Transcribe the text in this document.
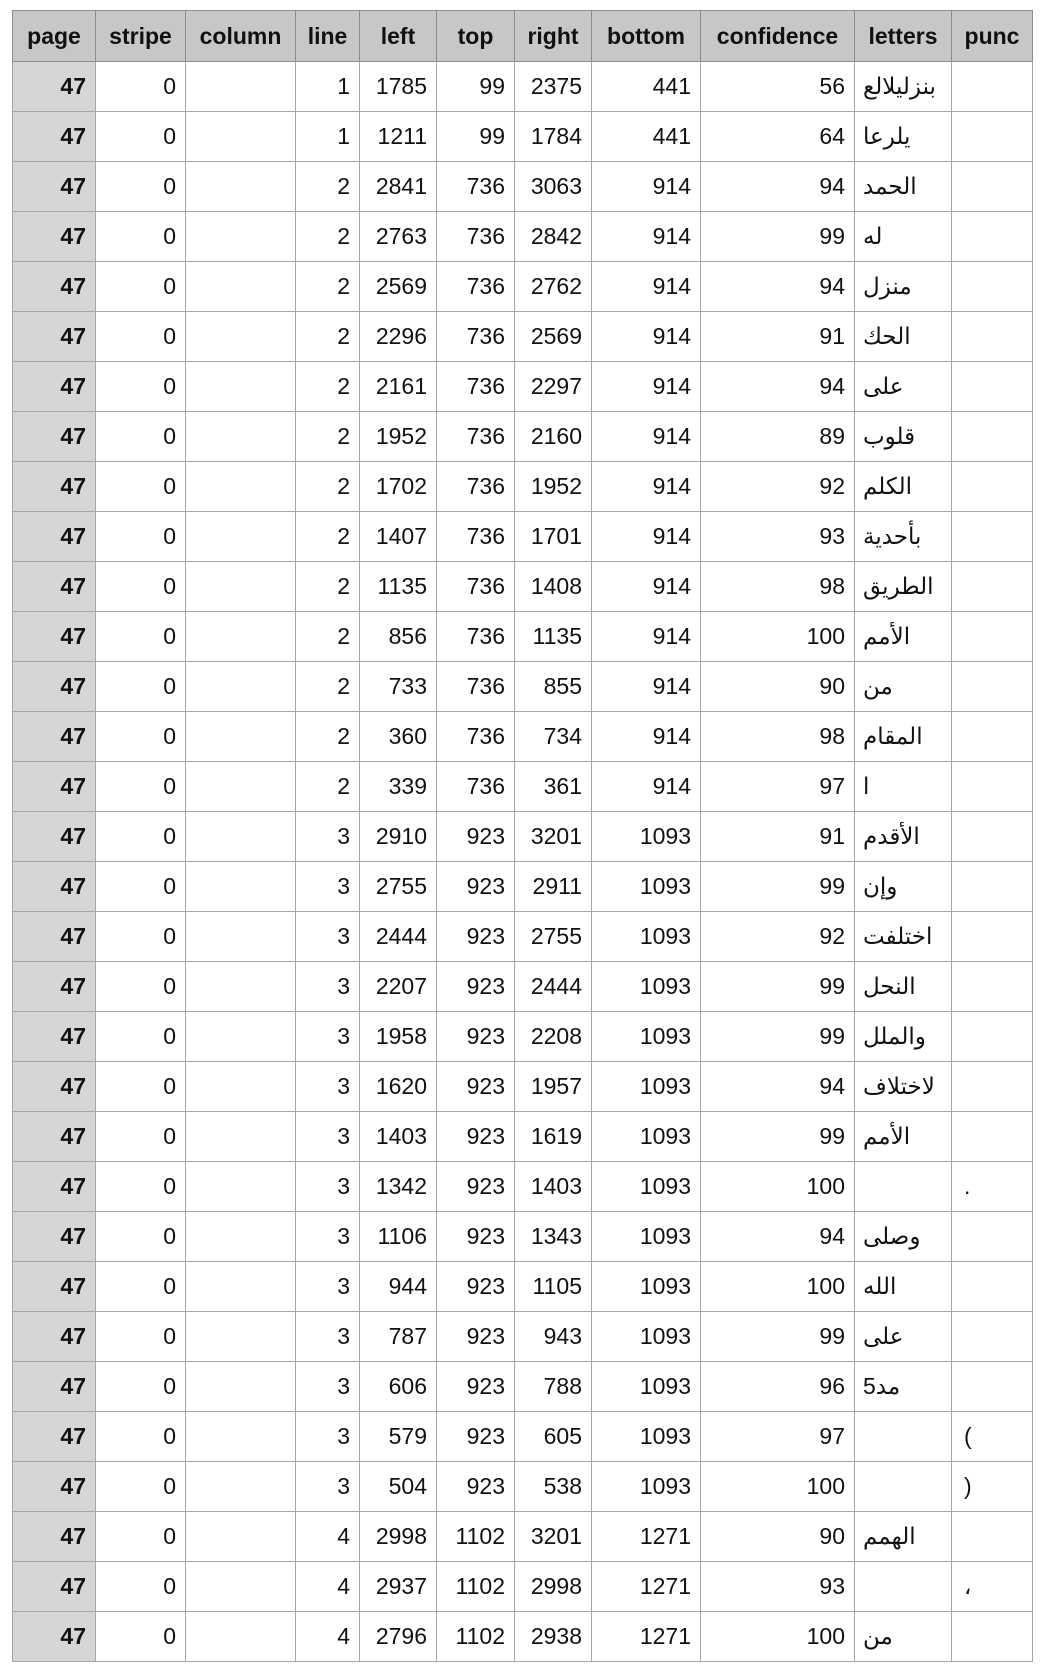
page	stripe	column	line	left	top	right	bottom	confidence	letters	punc
47	0		1	1785	99	2375	441	56	بنزليلالع	
47	0		1	1211	99	1784	441	64	يلرعا	
47	0		2	2841	736	3063	914	94	الحمد	
47	0		2	2763	736	2842	914	99	له	
47	0		2	2569	736	2762	914	94	منزل	
47	0		2	2296	736	2569	914	91	الحك	
47	0		2	2161	736	2297	914	94	على	
47	0		2	1952	736	2160	914	89	قلوب	
47	0		2	1702	736	1952	914	92	الكلم	
47	0		2	1407	736	1701	914	93	بأحدية	
47	0		2	1135	736	1408	914	98	الطريق	
47	0		2	856	736	1135	914	100	الأمم	
47	0		2	733	736	855	914	90	من	
47	0		2	360	736	734	914	98	المقام	
47	0		2	339	736	361	914	97	ا	
47	0		3	2910	923	3201	1093	91	الأقدم	
47	0		3	2755	923	2911	1093	99	وإن	
47	0		3	2444	923	2755	1093	92	اختلفت	
47	0		3	2207	923	2444	1093	99	النحل	
47	0		3	1958	923	2208	1093	99	والملل	
47	0		3	1620	923	1957	1093	94	لاختلاف	
47	0		3	1403	923	1619	1093	99	الأمم	
47	0		3	1342	923	1403	1093	100		.
47	0		3	1106	923	1343	1093	94	وصلى	
47	0		3	944	923	1105	1093	100	الله	
47	0		3	787	923	943	1093	99	على	
47	0		3	606	923	788	1093	96	مد5	
47	0		3	579	923	605	1093	97		(
47	0		3	504	923	538	1093	100		)
47	0		4	2998	1102	3201	1271	90	الهمم	
47	0		4	2937	1102	2998	1271	93		،
47	0		4	2796	1102	2938	1271	100	من	
